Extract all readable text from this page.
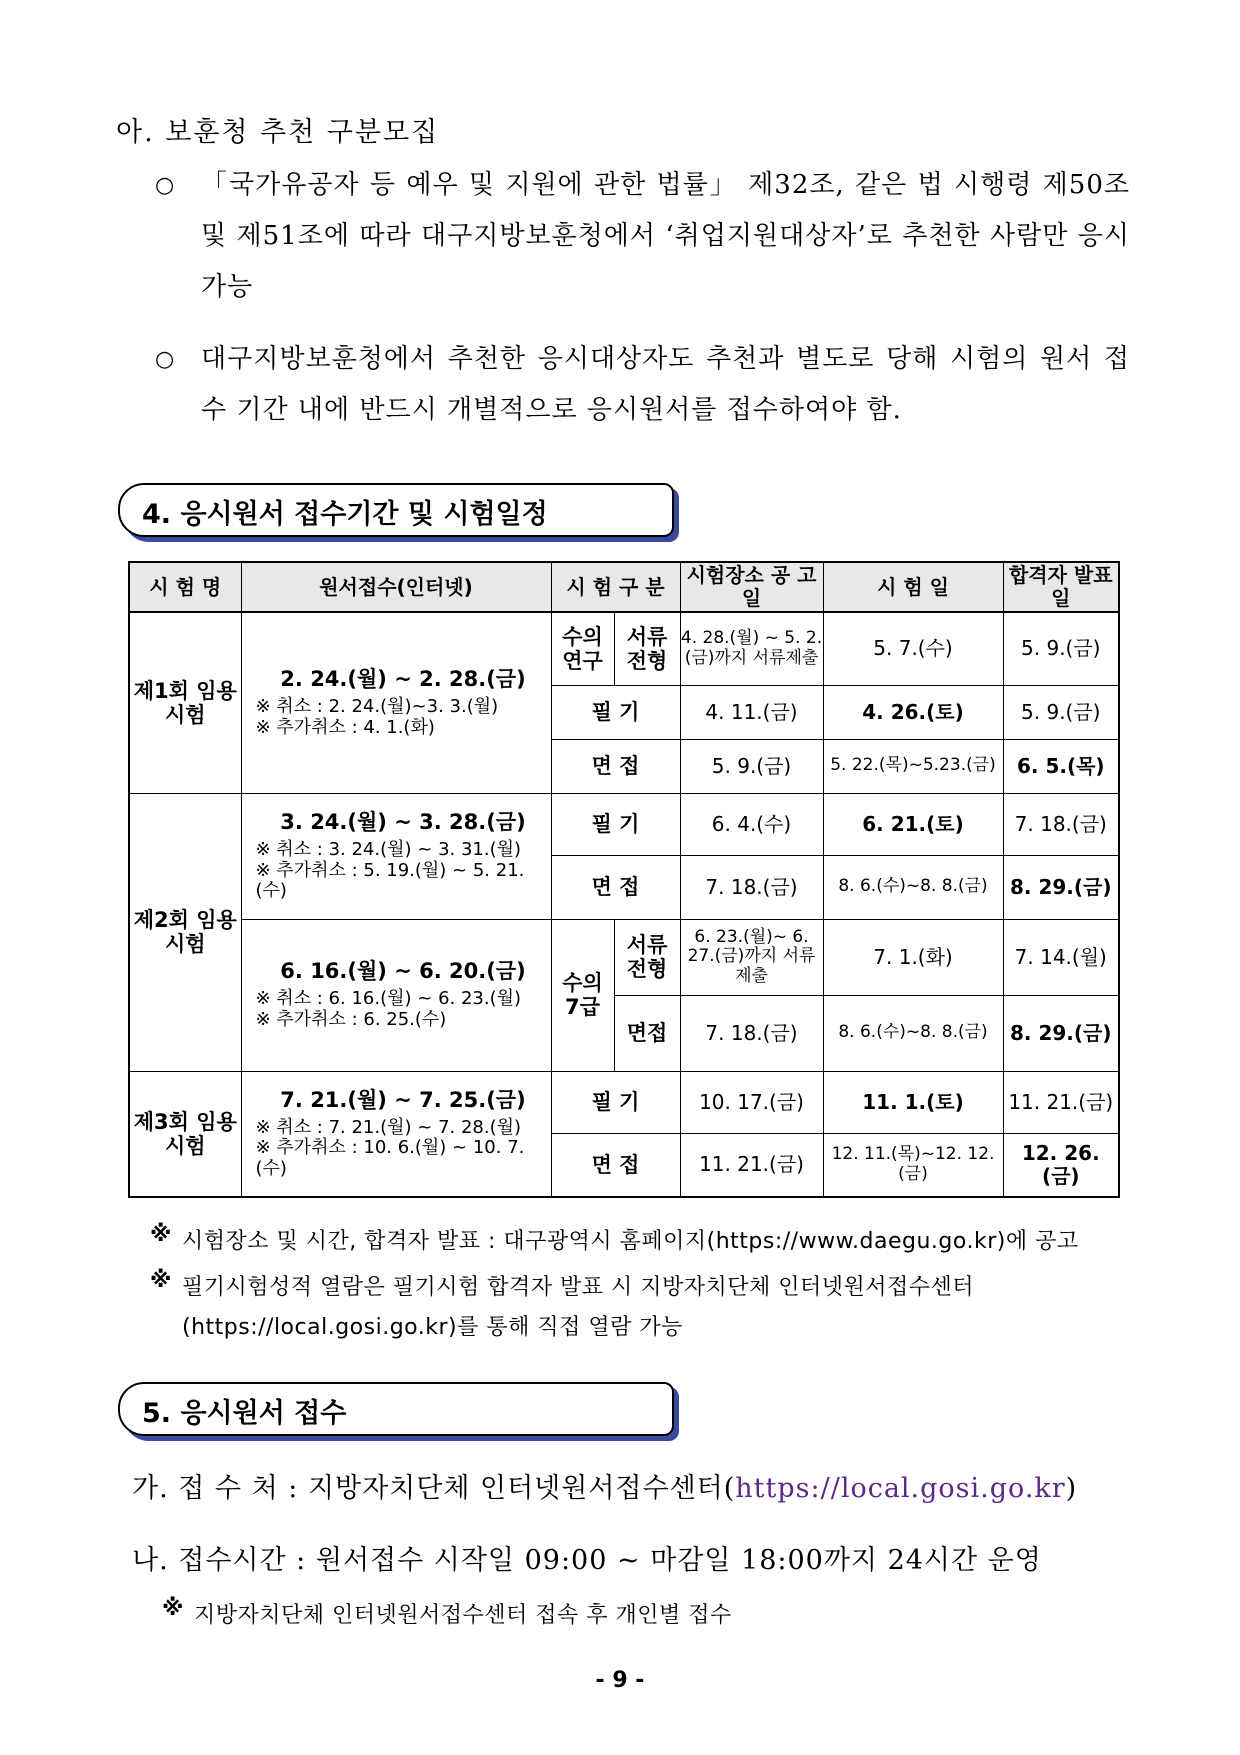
아. 보훈청 추천 구분모집
○ 「국가유공자 등 예우 및 지원에 관한 법률」 제32조, 같은 법 시행령 제50조 및 제51조에 따라 대구지방보훈청에서 ‘취업지원대상자’로 추천한 사람만 응시 가능
○ 대구지방보훈청에서 추천한 응시대상자도 추천과 별도로 당해 시험의 원서 접수 기간 내에 반드시 개별적으로 응시원서를 접수하여야 함.
4. 응시원서 접수기간 및 시험일정
시 험 명	원서접수(인터넷)	시 험 구 분		시험장소 공 고 일	시 험 일	합격자 발표일
제1회 임용시험	2. 24.(월) ~ 2. 28.(금)
※ 취소 : 2. 24.(월)~3. 3.(월)
※ 추가취소 : 4. 1.(화)	수의 연구	서류 전형	4. 28.(월) ~ 5. 2.(금)까지 서류제출	5. 7.(수)	5. 9.(금)
		필 기		4. 11.(금)	4. 26.(토)	5. 9.(금)
		면 접		5. 9.(금)	5. 22.(목)~5.23.(금)	6. 5.(목)
제2회 임용시험	3. 24.(월) ~ 3. 28.(금)
※ 취소 : 3. 24.(월) ~ 3. 31.(월)
※ 추가취소 : 5. 19.(월) ~ 5. 21.(수)	필 기		6. 4.(수)	6. 21.(토)	7. 18.(금)
		면 접		7. 18.(금)	8. 6.(수)~8. 8.(금)	8. 29.(금)

	6. 16.(월) ~ 6. 20.(금)
※ 취소 : 6. 16.(월) ~ 6. 23.(월)
※ 추가취소 : 6. 25.(수)	수의 7급	서류 전형	6. 23.(월)~ 6. 27.(금)까지 서류제출	7. 1.(화)	7. 14.(월)
			면접	7. 18.(금)	8. 6.(수)~8. 8.(금)	8. 29.(금)
제3회 임용시험	7. 21.(월) ~ 7. 25.(금)
※ 취소 : 7. 21.(월) ~ 7. 28.(월)
※ 추가취소 : 10. 6.(월) ~ 10. 7.(수)	필 기		10. 17.(금)	11. 1.(토)	11. 21.(금)
		면 접		11. 21.(금)	12. 11.(목)~12. 12.(금)	12. 26.(금)
※ 시험장소 및 시간, 합격자 발표 : 대구광역시 홈페이지(https://www.daegu.go.kr)에 공고
※ 필기시험성적 열람은 필기시험 합격자 발표 시 지방자치단체 인터넷원서접수센터(https://local.gosi.go.kr)를 통해 직접 열람 가능
5. 응시원서 접수
가. 접 수 처 : 지방자치단체 인터넷원서접수센터(https://local.gosi.go.kr)
나. 접수시간 : 원서접수 시작일 09:00 ~ 마감일 18:00까지 24시간 운영
※ 지방자치단체 인터넷원서접수센터 접속 후 개인별 접수
- 9 -
